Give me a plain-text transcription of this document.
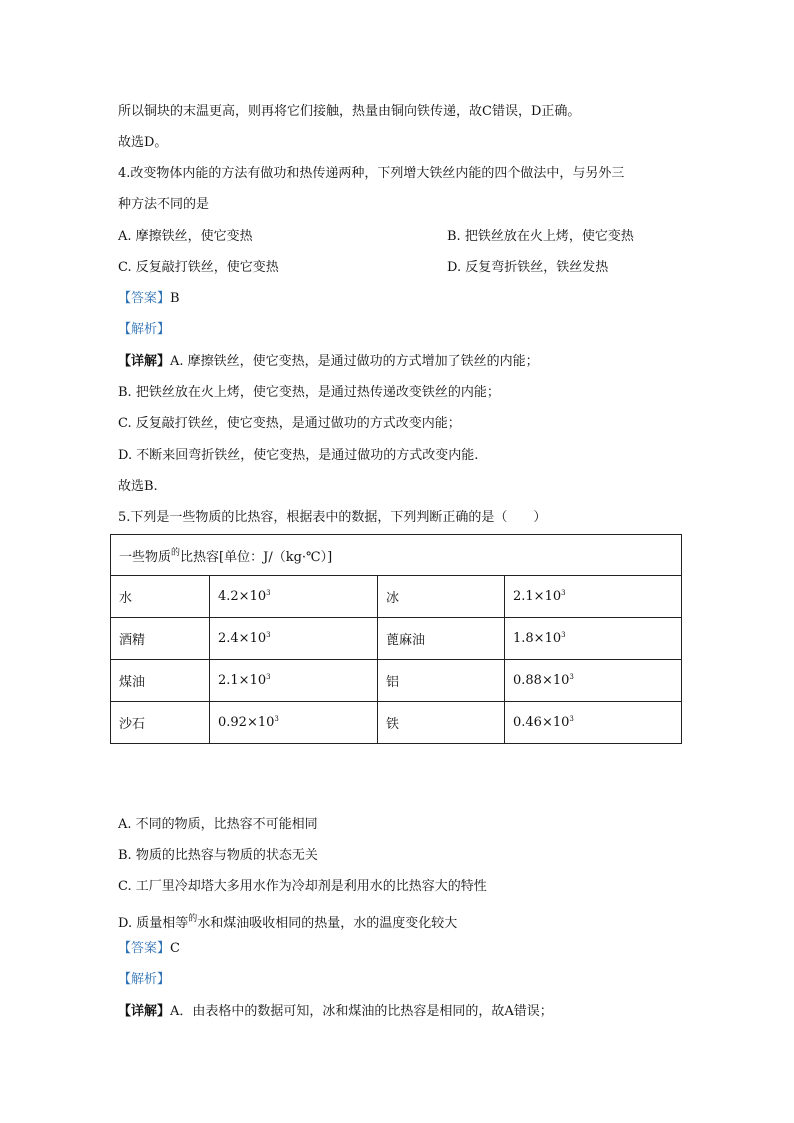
所以铜块的末温更高，则再将它们接触，热量由铜向铁传递，故C错误，D正确。
故选D。
4.改变物体内能的方法有做功和热传递两种，下列增大铁丝内能的四个做法中，与另外三
种方法不同的是
A. 摩擦铁丝，使它变热	B. 把铁丝放在火上烤，使它变热
C. 反复敲打铁丝，使它变热	D. 反复弯折铁丝，铁丝发热
【答案】B
【解析】
【详解】A. 摩擦铁丝，使它变热，是通过做功的方式增加了铁丝的内能；
B. 把铁丝放在火上烤，使它变热，是通过热传递改变铁丝的内能；
C. 反复敲打铁丝，使它变热，是通过做功的方式改变内能；
D. 不断来回弯折铁丝，使它变热，是通过做功的方式改变内能.
故选B.
5.下列是一些物质的比热容，根据表中的数据，下列判断正确的是（　　）
一些物质$^的$比热容[单位：J/（kg·℃）]			
水	$4.2\times 10^3$	冰	$2.1\times 10^3$
酒精	$2.4\times 10^3$	蓖麻油	$1.8\times 10^3$
煤油	$2.1\times 10^3$	铝	$0.88\times 10^3$
沙石	$0.92\times 10^3$	铁	$0.46\times 10^3$
A. 不同的物质，比热容不可能相同
B. 物质的比热容与物质的状态无关
C. 工厂里冷却塔大多用水作为冷却剂是利用水的比热容大的特性
D. 质量相等$^的$水和煤油吸收相同的热量，水的温度变化较大
【答案】C
【解析】
【详解】A．由表格中的数据可知，冰和煤油的比热容是相同的，故A错误；
